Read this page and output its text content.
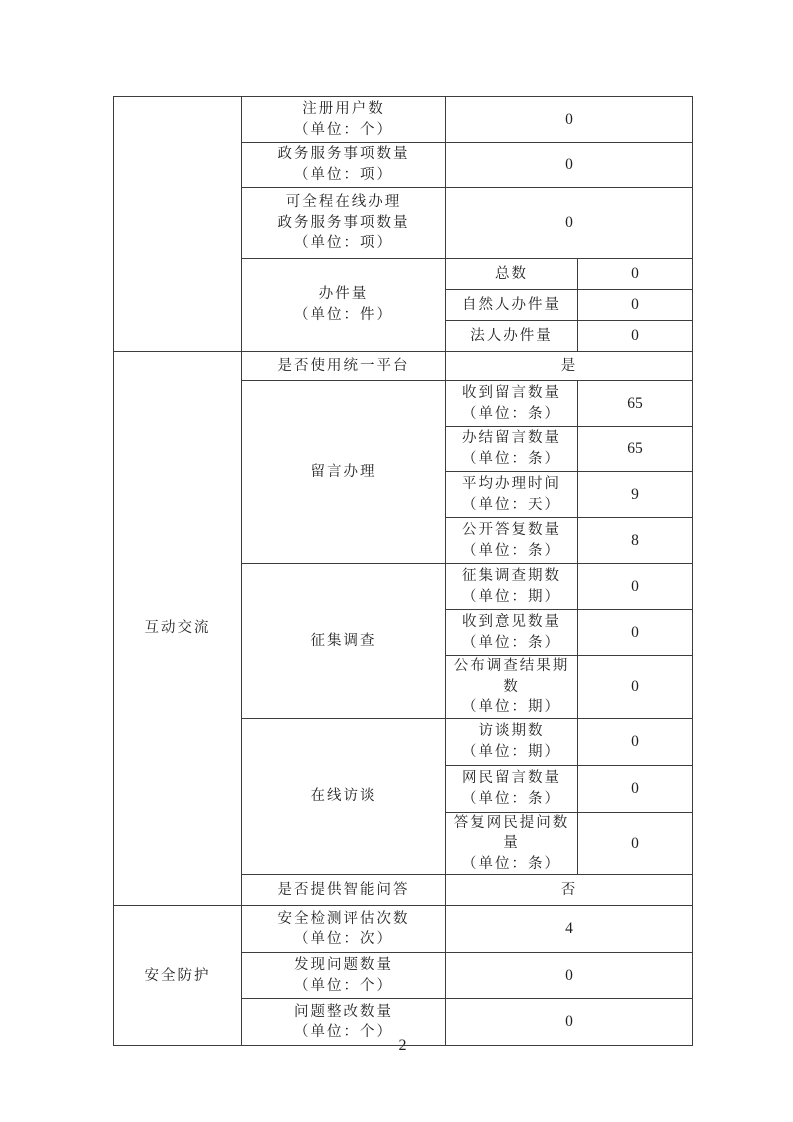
	注册用户数
（单位：个）	0	

	政务服务事项数量
（单位：项）	0	

	可全程在线办理
政务服务事项数量
（单位：项）	0	

	办件量
（单位：件）	总数	0
		自然人办件量	0
		法人办件量	0
互动交流	是否使用统一平台	是	
	留言办理	收到留言数量
（单位：条）	65

		办结留言数量
（单位：条）	65

		平均办理时间
（单位：天）	9

		公开答复数量
（单位：条）	8
	征集调查	征集调查期数
（单位：期）	0

		收到意见数量
（单位：条）	0

		公布调查结果期数
（单位：期）	0
	在线访谈	访谈期数
（单位：期）	0

		网民留言数量
（单位：条）	0

		答复网民提问数量
（单位：条）	0
	是否提供智能问答	否	
安全防护	安全检测评估次数
（单位：次）	4	

	发现问题数量
（单位：个）	0	

	问题整改数量
（单位：个）	0	
2
